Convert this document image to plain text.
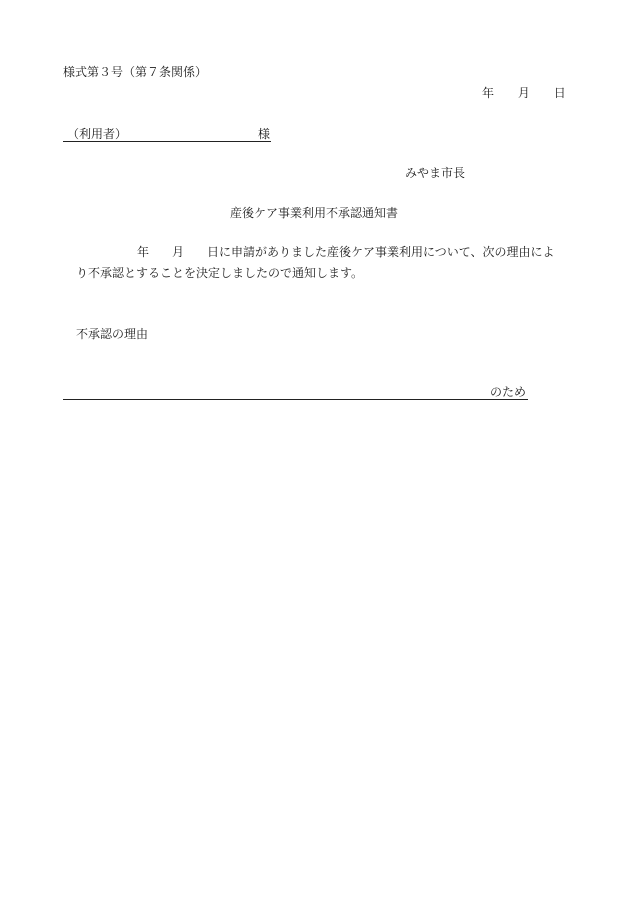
様式第３号（第７条関係）
年 月 日
（利用者）	様
みやま市長
産後ケア事業利用不承認通知書
年 月 日に申請がありました産後ケア事業利用について、次の理由によ
り不承認とすることを決定しましたので通知します。
不承認の理由
のため
